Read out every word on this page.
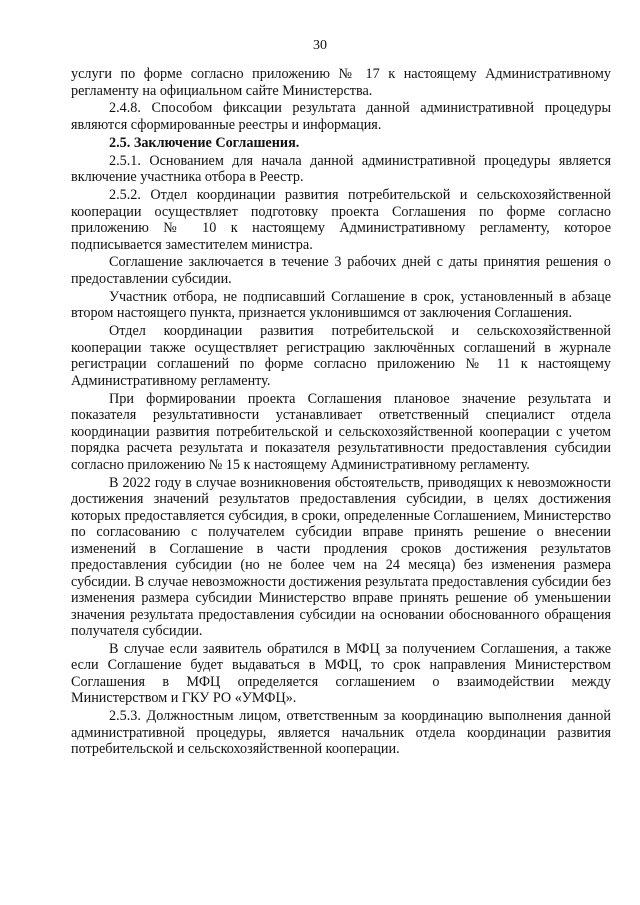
30

услуги по форме согласно приложению № 17 к настоящему Административному регламенту на официальном сайте Министерства.

2.4.8. Способом фиксации результата данной административной процедуры являются сформированные реестры и информация.

2.5. Заключение Соглашения.

2.5.1. Основанием для начала данной административной процедуры является включение участника отбора в Реестр.

2.5.2. Отдел координации развития потребительской и сельскохозяйственной кооперации осуществляет подготовку проекта Соглашения по форме согласно приложению № 10 к настоящему Административному регламенту, которое подписывается заместителем министра.

Соглашение заключается в течение 3 рабочих дней с даты принятия решения о предоставлении субсидии.

Участник отбора, не подписавший Соглашение в срок, установленный в абзаце втором настоящего пункта, признается уклонившимся от заключения Соглашения.

Отдел координации развития потребительской и сельскохозяйственной кооперации также осуществляет регистрацию заключённых соглашений в журнале регистрации соглашений по форме согласно приложению № 11 к настоящему Административному регламенту.

При формировании проекта Соглашения плановое значение результата и показателя результативности устанавливает ответственный специалист отдела координации развития потребительской и сельскохозяйственной кооперации с учетом порядка расчета результата и показателя результативности предоставления субсидии согласно приложению № 15 к настоящему Административному регламенту.

В 2022 году в случае возникновения обстоятельств, приводящих к невозможности достижения значений результатов предоставления субсидии, в целях достижения которых предоставляется субсидия, в сроки, определенные Соглашением, Министерство по согласованию с получателем субсидии вправе принять решение о внесении изменений в Соглашение в части продления сроков достижения результатов предоставления субсидии (но не более чем на 24 месяца) без изменения размера субсидии. В случае невозможности достижения результата предоставления субсидии без изменения размера субсидии Министерство вправе принять решение об уменьшении значения результата предоставления субсидии на основании обоснованного обращения получателя субсидии.

В случае если заявитель обратился в МФЦ за получением Соглашения, а также если Соглашение будет выдаваться в МФЦ, то срок направления Министерством Соглашения в МФЦ определяется соглашением о взаимодействии между Министерством и ГКУ РО «УМФЦ».

2.5.3. Должностным лицом, ответственным за координацию выполнения данной административной процедуры, является начальник отдела координации развития потребительской и сельскохозяйственной кооперации.
